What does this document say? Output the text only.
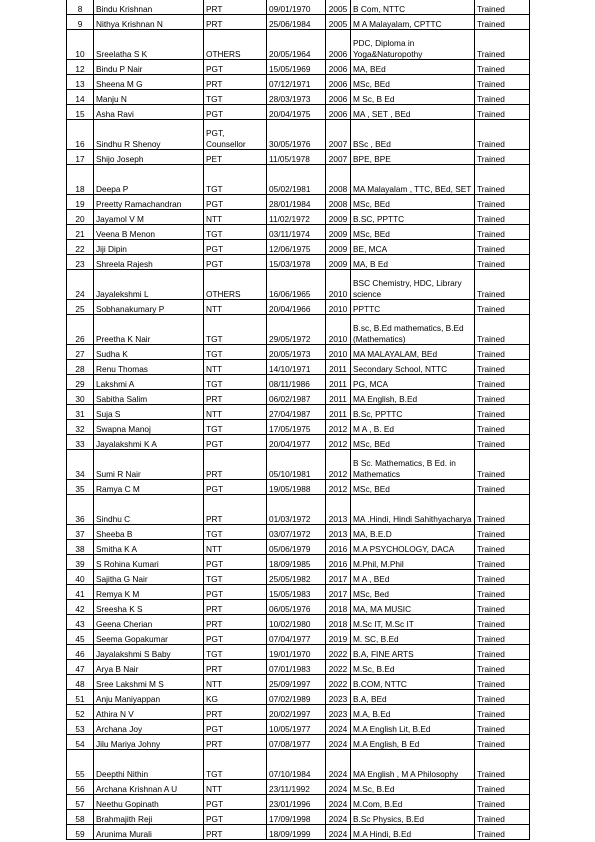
8	Bindu Krishnan	PRT	09/01/1970	2005	B Com, NTTC	Trained
9	Nithya Krishnan N	PRT	25/06/1984	2005	M A Malayalam, CPTTC	Trained
10	Sreelatha S K	OTHERS	20/05/1964	2006	PDC, Diploma in Yoga&Naturopothy	Trained
12	Bindu P Nair	PGT	15/05/1969	2006	MA, BEd	Trained
13	Sheena M G	PRT	07/12/1971	2006	MSc, BEd	Trained
14	Manju N	TGT	28/03/1973	2006	M Sc, B Ed	Trained
15	Asha Ravi	PGT	20/04/1975	2006	MA , SET , BEd	Trained
16	Sindhu R Shenoy	PGT, Counsellor	30/05/1976	2007	BSc , BEd	Trained
17	Shijo Joseph	PET	11/05/1978	2007	BPE, BPE	Trained
18	Deepa P	TGT	05/02/1981	2008	MA Malayalam , TTC, BEd, SET	Trained
19	Preetty Ramachandran	PGT	28/01/1984	2008	MSc, BEd	Trained
20	Jayamol V M	NTT	11/02/1972	2009	B.SC, PPTTC	Trained
21	Veena B Menon	TGT	03/11/1974	2009	MSc, BEd	Trained
22	Jiji Dipin	PGT	12/06/1975	2009	BE, MCA	Trained
23	Shreela Rajesh	PGT	15/03/1978	2009	MA, B Ed	Trained
24	Jayalekshmi L	OTHERS	16/06/1965	2010	BSC Chemistry, HDC, Library science	Trained
25	Sobhanakumary P	NTT	20/04/1966	2010	PPTTC	Trained
26	Preetha K Nair	TGT	29/05/1972	2010	B.sc, B.Ed mathematics, B.Ed (Mathematics)	Trained
27	Sudha K	TGT	20/05/1973	2010	MA MALAYALAM, BEd	Trained
28	Renu Thomas	NTT	14/10/1971	2011	Secondary School, NTTC	Trained
29	Lakshmi A	TGT	08/11/1986	2011	PG, MCA	Trained
30	Sabitha Salim	PRT	06/02/1987	2011	MA English, B.Ed	Trained
31	Suja S	NTT	27/04/1987	2011	B.Sc, PPTTC	Trained
32	Swapna Manoj	TGT	17/05/1975	2012	M A , B. Ed	Trained
33	Jayalakshmi K A	PGT	20/04/1977	2012	MSc, BEd	Trained
34	Sumi R Nair	PRT	05/10/1981	2012	B Sc. Mathematics, B Ed. in Mathematics	Trained
35	Ramya C M	PGT	19/05/1988	2012	MSc, BEd	Trained
36	Sindhu C	PRT	01/03/1972	2013	MA .Hindi, Hindi Sahithyacharya	Trained
37	Sheeba B	TGT	03/07/1972	2013	MA, B.E.D	Trained
38	Smitha K A	NTT	05/06/1979	2016	M.A PSYCHOLOGY, DACA	Trained
39	S Rohina Kumari	PGT	18/09/1985	2016	M.Phil, M.Phil	Trained
40	Sajitha G Nair	TGT	25/05/1982	2017	M A , BEd	Trained
41	Remya K M	PGT	15/05/1983	2017	MSc, Bed	Trained
42	Sreesha K S	PRT	06/05/1976	2018	MA, MA MUSIC	Trained
43	Geena Cherian	PRT	10/02/1980	2018	M.Sc IT, M.Sc IT	Trained
45	Seema Gopakumar	PGT	07/04/1977	2019	M. SC, B.Ed	Trained
46	Jayalakshmi S Baby	TGT	19/01/1970	2022	B.A, FINE ARTS	Trained
47	Arya B Nair	PRT	07/01/1983	2022	M.Sc, B.Ed	Trained
48	Sree Lakshmi M S	NTT	25/09/1997	2022	B.COM, NTTC	Trained
51	Anju Maniyappan	KG	07/02/1989	2023	B.A, BEd	Trained
52	Athira N V	PRT	20/02/1997	2023	M.A, B.Ed	Trained
53	Archana Joy	PGT	10/05/1977	2024	M.A English Lit, B.Ed	Trained
54	Jilu Mariya Johny	PRT	07/08/1977	2024	M.A English, B Ed	Trained
55	Deepthi Nithin	TGT	07/10/1984	2024	MA English , M A Philosophy	Trained
56	Archana Krishnan A U	NTT	23/11/1992	2024	M.Sc, B.Ed	Trained
57	Neethu Gopinath	PGT	23/01/1996	2024	M.Com, B.Ed	Trained
58	Brahmajith Reji	PGT	17/09/1998	2024	B.Sc Physics, B.Ed	Trained
59	Arunima Murali	PRT	18/09/1999	2024	M.A Hindi, B.Ed	Trained
